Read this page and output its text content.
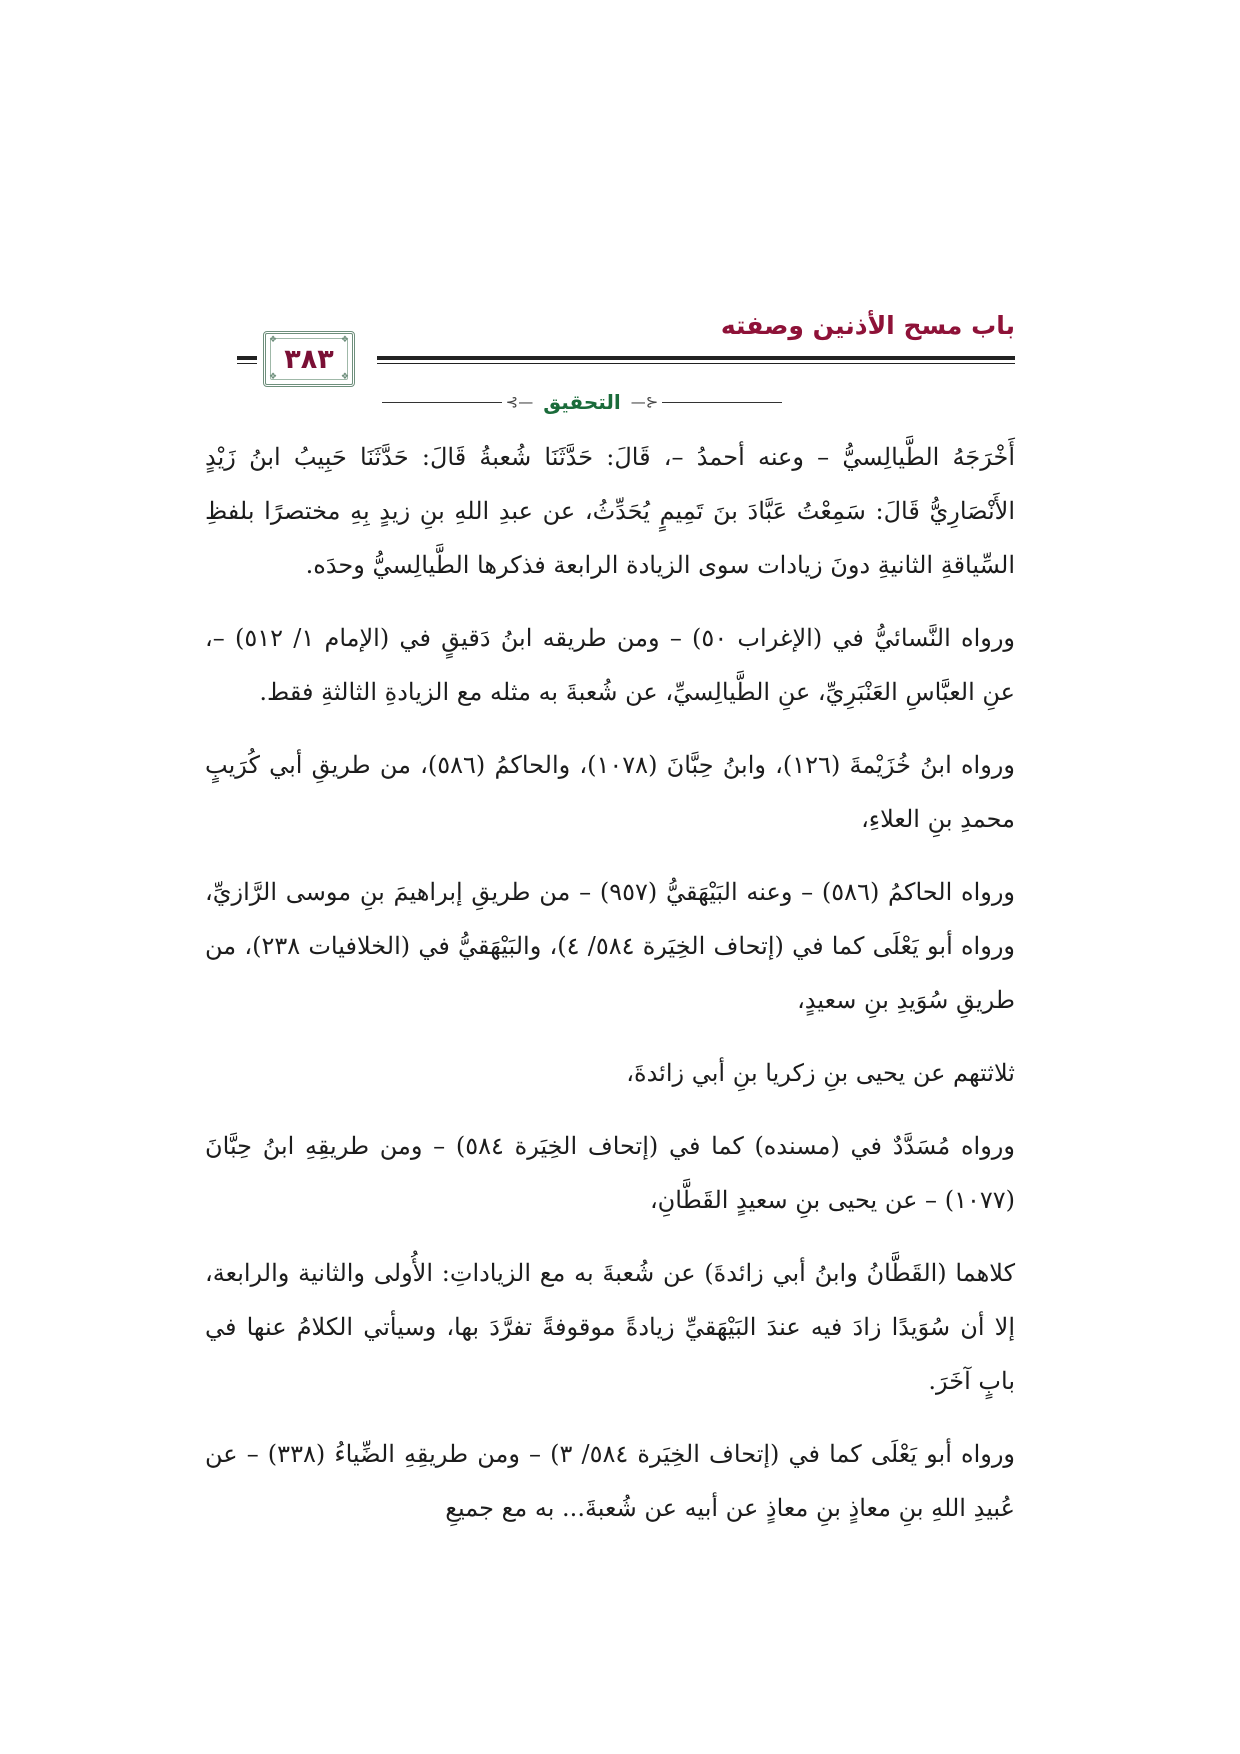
باب مسح الأذنين وصفته
❖	❖
❖	❖
٣٨٣
⊰—
التحقيق
—⊱

أَخْرَجَهُ الطَّيالِسيُّ – وعنه أحمدُ –، قَالَ: حَدَّثَنَا شُعبةُ قَالَ: حَدَّثَنَا حَبِيبُ ابنُ زَيْدٍ الأَنْصَارِيُّ قَالَ: سَمِعْتُ عَبَّادَ بنَ تَمِيمٍ يُحَدِّثُ، عن عبدِ اللهِ بنِ زيدٍ بِهِ مختصرًا بلفظِ السِّياقةِ الثانيةِ دونَ زيادات سوى الزيادة الرابعة فذكرها الطَّيالِسيُّ وحدَه.

ورواه النَّسائيُّ في (الإغراب ٥٠) – ومن طريقه ابنُ دَقيقٍ في (الإمام ١/ ٥١٢) –، عنِ العبَّاسِ العَنْبَرِيِّ، عنِ الطَّيالِسيِّ، عن شُعبةَ به مثله مع الزيادةِ الثالثةِ فقط.

ورواه ابنُ خُزَيْمةَ (١٢٦)، وابنُ حِبَّانَ (١٠٧٨)، والحاكمُ (٥٨٦)، من طريقِ أبي كُرَيبٍ محمدِ بنِ العلاءِ،

ورواه الحاكمُ (٥٨٦) – وعنه البَيْهَقيُّ (٩٥٧) – من طريقِ إبراهيمَ بنِ موسى الرَّازيِّ، ورواه أبو يَعْلَى كما في (إتحاف الخِيَرة ٥٨٤/ ٤)، والبَيْهَقيُّ في (الخلافيات ٢٣٨)، من طريقِ سُوَيدِ بنِ سعيدٍ،

ثلاثتهم عن يحيى بنِ زكريا بنِ أبي زائدةَ،

ورواه مُسَدَّدٌ في (مسنده) كما في (إتحاف الخِيَرة ٥٨٤) – ومن طريقِهِ ابنُ حِبَّانَ (١٠٧٧) – عن يحيى بنِ سعيدٍ القَطَّانِ،

كلاهما (القَطَّانُ وابنُ أبي زائدةَ) عن شُعبةَ به مع الزياداتِ: الأُولى والثانية والرابعة، إلا أن سُوَيدًا زادَ فيه عندَ البَيْهَقيِّ زيادةً موقوفةً تفرَّدَ بها، وسيأتي الكلامُ عنها في بابٍ آخَرَ.

ورواه أبو يَعْلَى كما في (إتحاف الخِيَرة ٥٨٤/ ٣) – ومن طريقِهِ الضِّياءُ (٣٣٨) – عن عُبيدِ اللهِ بنِ معاذٍ بنِ معاذٍ عن أبيه عن شُعبةَ... به مع جميعِ
